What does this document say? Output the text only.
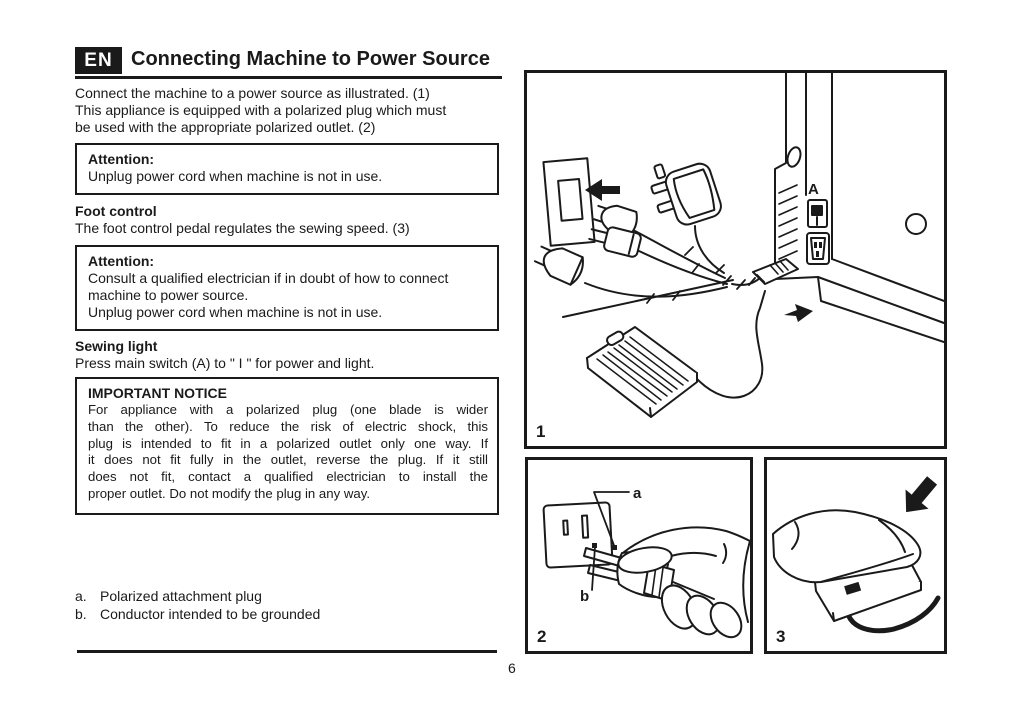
EN Connecting Machine to Power Source
Connect the machine to a power source as illustrated. (1)
This appliance is equipped with a polarized plug which must
be used with the appropriate polarized outlet. (2)
Attention:
Unplug power cord when machine is not in use.
Foot control
The foot control pedal regulates the sewing speed. (3)
Attention:
Consult a qualified electrician if in doubt of how to connect
machine to power source.
Unplug power cord when machine is not in use.
Sewing light
Press main switch (A) to " I " for power and light.
IMPORTANT NOTICE
For appliance with a polarized plug (one blade is wider
than the other). To reduce the risk of electric shock, this
plug is intended to fit in a polarized outlet only one way. If
it does not fit fully in the outlet, reverse the plug. If it still
does not fit, contact a qualified electrician to install the
proper outlet. Do not modify the plug in any way.
a. Polarized attachment plug
b. Conductor intended to be grounded
6
A
1
a
b
2	3
